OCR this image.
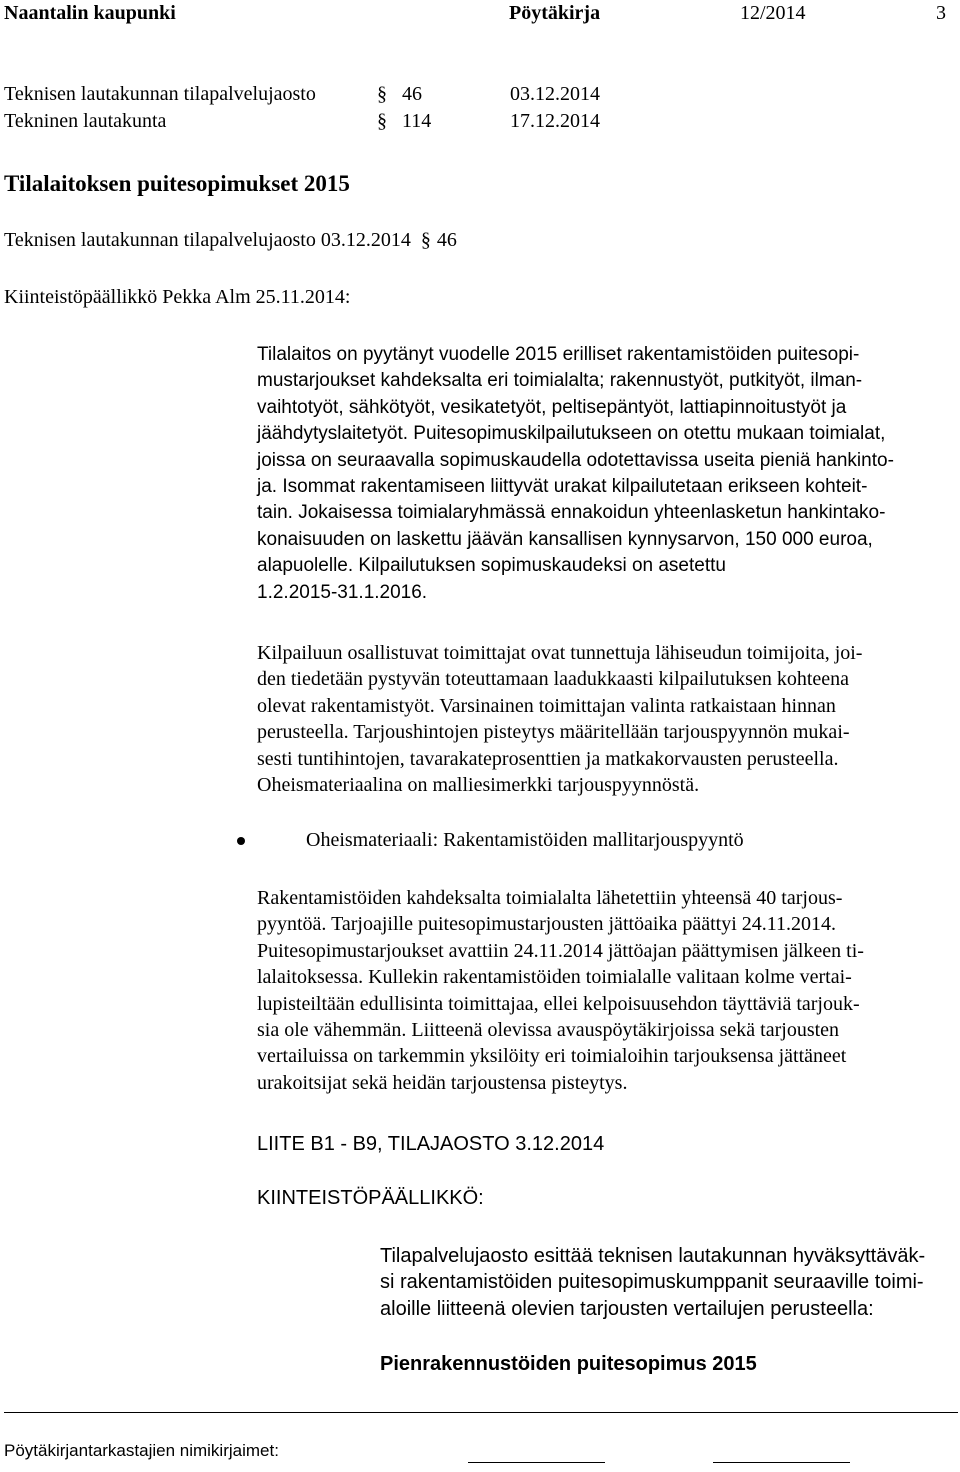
Naantalin kaupunki	Pöytäkirja	12/2014	3
Teknisen lautakunnan tilapalvelujaosto	§ 46	03.12.2014
Tekninen lautakunta	§ 114	17.12.2014
Tilalaitoksen puitesopimukset 2015
Teknisen lautakunnan tilapalvelujaosto 03.12.2014 § 46
Kiinteistöpäällikkö Pekka Alm 25.11.2014:
Tilalaitos on pyytänyt vuodelle 2015 erilliset rakentamistöiden puitesopi-
mustarjoukset kahdeksalta eri toimialalta; rakennustyöt, putkityöt, ilman-
vaihtotyöt, sähkötyöt, vesikatetyöt, peltisepäntyöt, lattiapinnoitustyöt ja
jäähdytyslaitetyöt. Puitesopimuskilpailutukseen on otettu mukaan toimialat,
joissa on seuraavalla sopimuskaudella odotettavissa useita pieniä hankinto-
ja. Isommat rakentamiseen liittyvät urakat kilpailutetaan erikseen kohteit-
tain. Jokaisessa toimialaryhmässä ennakoidun yhteenlasketun hankintako-
konaisuuden on laskettu jäävän kansallisen kynnysarvon, 150 000 euroa,
alapuolelle. Kilpailutuksen sopimuskaudeksi on asetettu
1.2.2015-31.1.2016.
Kilpailuun osallistuvat toimittajat ovat tunnettuja lähiseudun toimijoita, joi-
den tiedetään pystyvän toteuttamaan laadukkaasti kilpailutuksen kohteena
olevat rakentamistyöt. Varsinainen toimittajan valinta ratkaistaan hinnan
perusteella. Tarjoushintojen pisteytys määritellään tarjouspyynnön mukai-
sesti tuntihintojen, tavarakateprosenttien ja matkakorvausten perusteella.
Oheismateriaalina on malliesimerkki tarjouspyynnöstä.
Oheismateriaali: Rakentamistöiden mallitarjouspyyntö
Rakentamistöiden kahdeksalta toimialalta lähetettiin yhteensä 40 tarjous-
pyyntöä. Tarjoajille puitesopimustarjousten jättöaika päättyi 24.11.2014.
Puitesopimustarjoukset avattiin 24.11.2014 jättöajan päättymisen jälkeen ti-
lalaitoksessa. Kullekin rakentamistöiden toimialalle valitaan kolme vertai-
lupisteiltään edullisinta toimittajaa, ellei kelpoisuusehdon täyttäviä tarjouk-
sia ole vähemmän. Liitteenä olevissa avauspöytäkirjoissa sekä tarjousten
vertailuissa on tarkemmin yksilöity eri toimialoihin tarjouksensa jättäneet
urakoitsijat sekä heidän tarjoustensa pisteytys.
LIITE B1 - B9, TILAJAOSTO 3.12.2014
KIINTEISTÖPÄÄLLIKKÖ:
Tilapalvelujaosto esittää teknisen lautakunnan hyväksyttäväk-
si rakentamistöiden puitesopimuskumppanit seuraaville toimi-
aloille liitteenä olevien tarjousten vertailujen perusteella:
Pienrakennustöiden puitesopimus 2015
Pöytäkirjantarkastajien nimikirjaimet:
